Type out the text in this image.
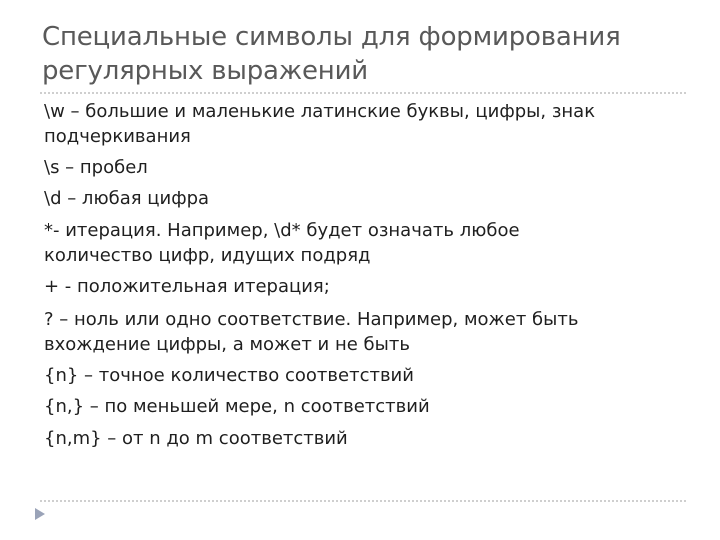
Специальные символы для формирования
регулярных выражений
\w – большие и маленькие латинские буквы, цифры, знак
подчеркивания
\s – пробел
\d – любая цифра
*- итерация. Например, \d* будет означать любое
количество цифр, идущих подряд
+ - положительная итерация;
? – ноль или одно соответствие. Например, может быть
вхождение цифры, а может и не быть
{n} – точное количество соответствий
{n,} – по меньшей мере, n соответствий
{n,m} – от n до m соответствий
